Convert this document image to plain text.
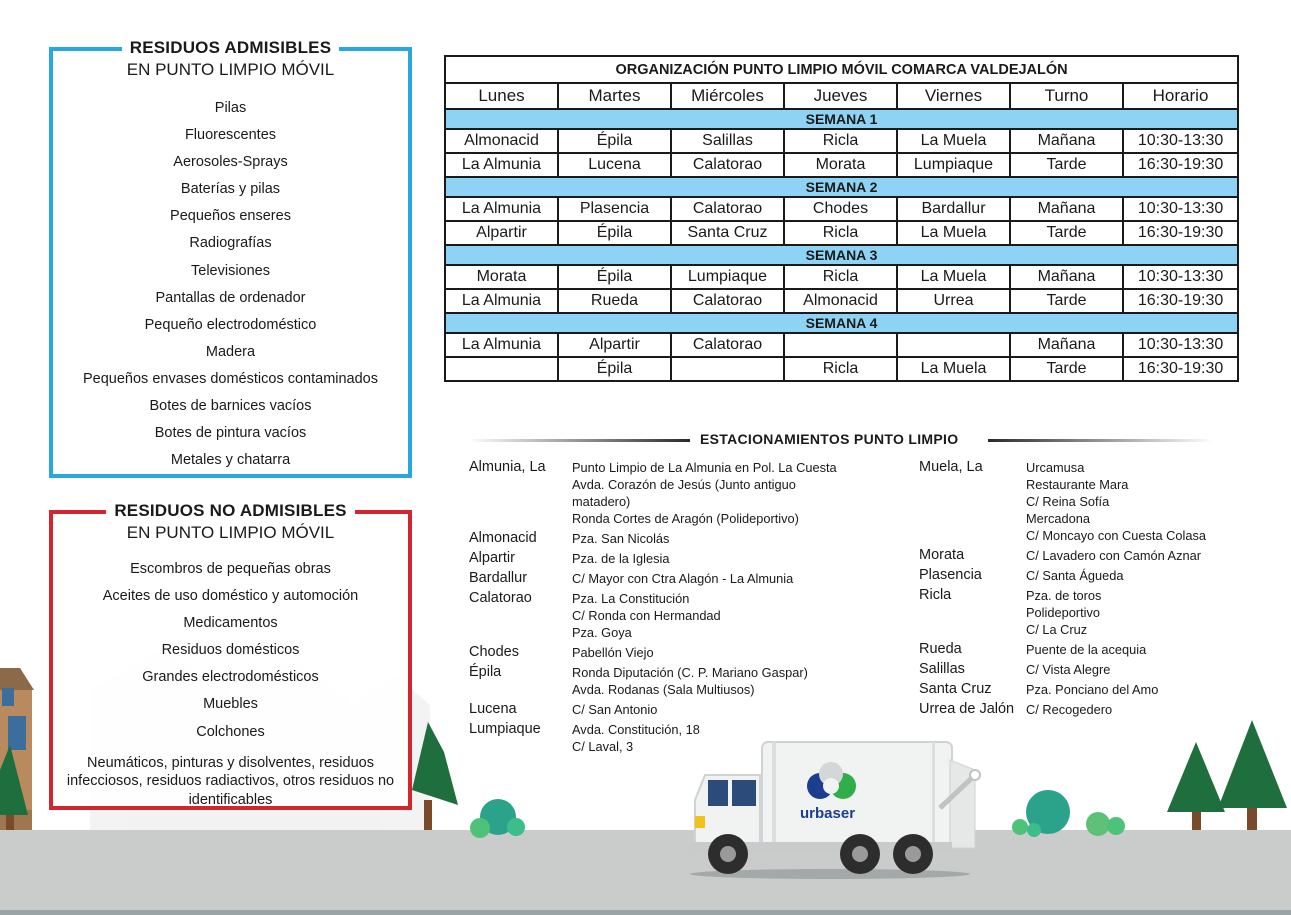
urbaser
RESIDUOS ADMISIBLES
EN PUNTO LIMPIO MÓVIL
Pilas
Fluorescentes
Aerosoles-Sprays
Baterías y pilas
Pequeños enseres
Radiografías
Televisiones
Pantallas de ordenador
Pequeño electrodoméstico
Madera
Pequeños envases domésticos contaminados
Botes de barnices vacíos
Botes de pintura vacíos
Metales y chatarra
RESIDUOS NO ADMISIBLES
EN PUNTO LIMPIO MÓVIL
Escombros de pequeñas obras
Aceites de uso doméstico y automoción
Medicamentos
Residuos domésticos
Grandes electrodomésticos
Muebles
Colchones
Neumáticos, pinturas y disolventes, residuos infecciosos, residuos radiactivos, otros residuos no identificables
ORGANIZACIÓN PUNTO LIMPIO MÓVIL COMARCA VALDEJALÓN						
Lunes	Martes	Miércoles	Jueves	Viernes	Turno	Horario
SEMANA 1						
Almonacid	Épila	Salillas	Ricla	La Muela	Mañana	10:30-13:30
La Almunia	Lucena	Calatorao	Morata	Lumpiaque	Tarde	16:30-19:30
SEMANA 2						
La Almunia	Plasencia	Calatorao	Chodes	Bardallur	Mañana	10:30-13:30
Alpartir	Épila	Santa Cruz	Ricla	La Muela	Tarde	16:30-19:30
SEMANA 3						
Morata	Épila	Lumpiaque	Ricla	La Muela	Mañana	10:30-13:30
La Almunia	Rueda	Calatorao	Almonacid	Urrea	Tarde	16:30-19:30
SEMANA 4						
La Almunia	Alpartir	Calatorao			Mañana	10:30-13:30
	Épila		Ricla	La Muela	Tarde	16:30-19:30
ESTACIONAMIENTOS PUNTO LIMPIO
Almunia, La	Punto Limpio de La Almunia en Pol. La Cuesta
Avda. Corazón de Jesús (Junto antiguo
matadero)
Ronda Cortes de Aragón (Polideportivo)
Almonacid	Pza. San Nicolás
Alpartir	Pza. de la Iglesia
Bardallur	C/ Mayor con Ctra Alagón - La Almunia
Calatorao	Pza. La Constitución
C/ Ronda con Hermandad
Pza. Goya
Chodes	Pabellón Viejo
Épila	Ronda Diputación (C. P. Mariano Gaspar)
Avda. Rodanas (Sala Multiusos)
Lucena	C/ San Antonio
Lumpiaque	Avda. Constitución, 18
C/ Laval, 3
Muela, La	Urcamusa
Restaurante Mara
C/ Reina Sofía
Mercadona
C/ Moncayo con Cuesta Colasa
Morata	C/ Lavadero con Camón Aznar
Plasencia	C/ Santa Águeda
Ricla	Pza. de toros
Polideportivo
C/ La Cruz
Rueda	Puente de la acequia
Salillas	C/ Vista Alegre
Santa Cruz	Pza. Ponciano del Amo
Urrea de Jalón C/ Recogedero
